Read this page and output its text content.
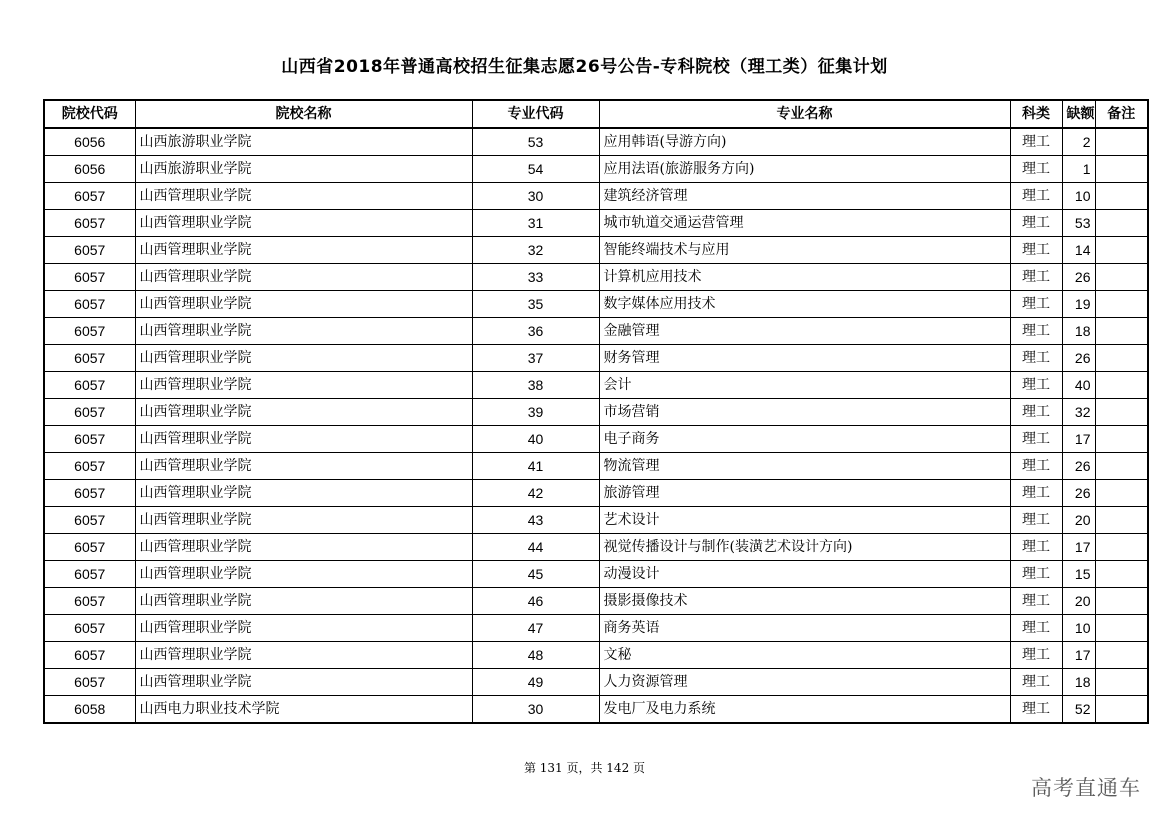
山西省2018年普通高校招生征集志愿26号公告-专科院校（理工类）征集计划
院校代码	院校名称	专业代码	专业名称	科类	缺额	备注
6056	山西旅游职业学院	53	应用韩语(导游方向)	理工	2	
6056	山西旅游职业学院	54	应用法语(旅游服务方向)	理工	1	
6057	山西管理职业学院	30	建筑经济管理	理工	10	
6057	山西管理职业学院	31	城市轨道交通运营管理	理工	53	
6057	山西管理职业学院	32	智能终端技术与应用	理工	14	
6057	山西管理职业学院	33	计算机应用技术	理工	26	
6057	山西管理职业学院	35	数字媒体应用技术	理工	19	
6057	山西管理职业学院	36	金融管理	理工	18	
6057	山西管理职业学院	37	财务管理	理工	26	
6057	山西管理职业学院	38	会计	理工	40	
6057	山西管理职业学院	39	市场营销	理工	32	
6057	山西管理职业学院	40	电子商务	理工	17	
6057	山西管理职业学院	41	物流管理	理工	26	
6057	山西管理职业学院	42	旅游管理	理工	26	
6057	山西管理职业学院	43	艺术设计	理工	20	
6057	山西管理职业学院	44	视觉传播设计与制作(装潢艺术设计方向)	理工	17	
6057	山西管理职业学院	45	动漫设计	理工	15	
6057	山西管理职业学院	46	摄影摄像技术	理工	20	
6057	山西管理职业学院	47	商务英语	理工	10	
6057	山西管理职业学院	48	文秘	理工	17	
6057	山西管理职业学院	49	人力资源管理	理工	18	
6058	山西电力职业技术学院	30	发电厂及电力系统	理工	52	
第 131 页，共 142 页
高考直通车
